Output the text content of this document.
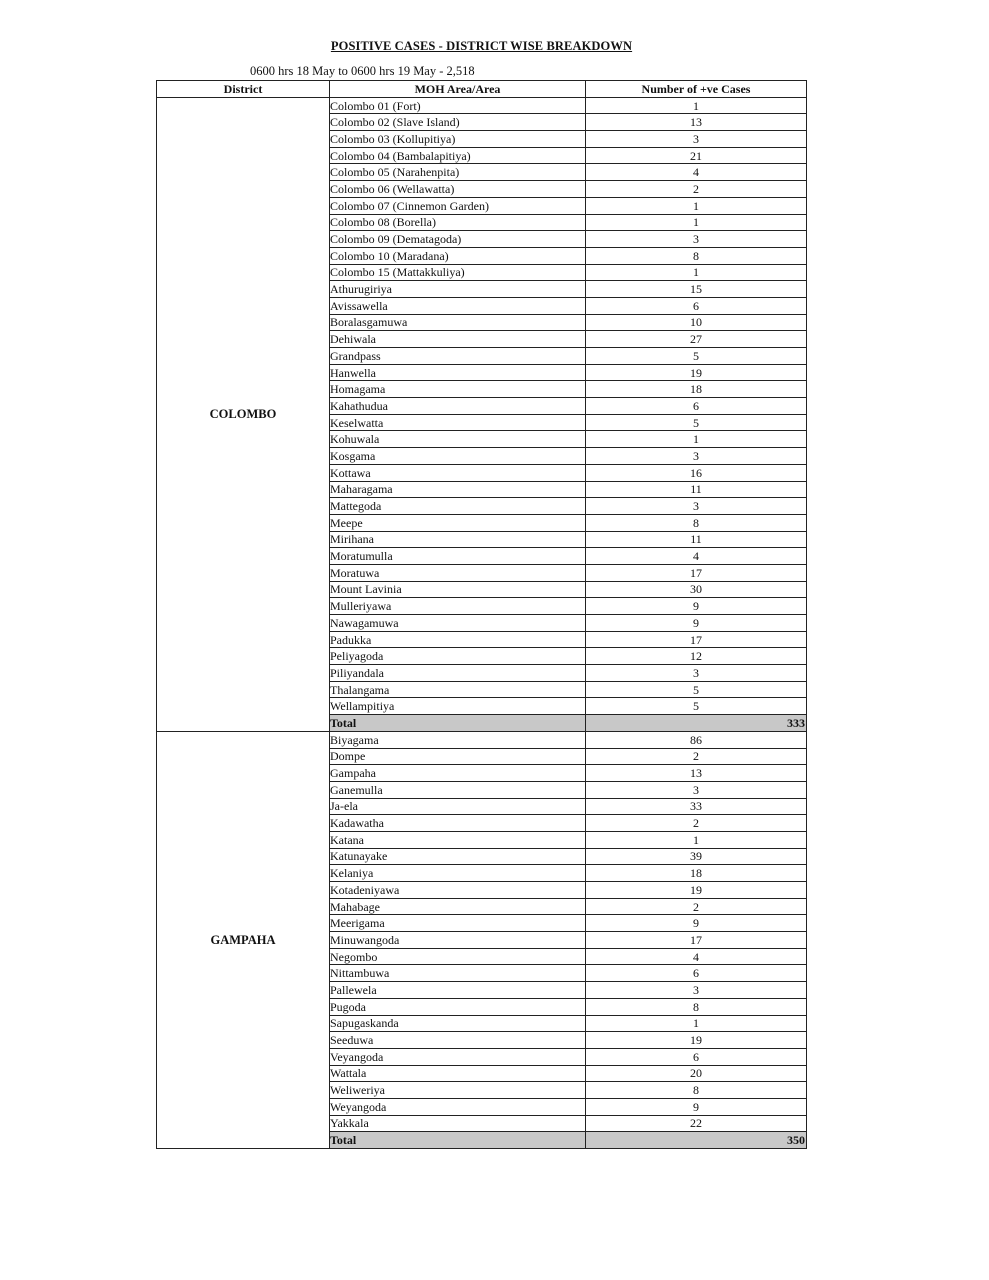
POSITIVE CASES - DISTRICT WISE BREAKDOWN
0600 hrs 18 May to 0600 hrs 19 May - 2,518
District	MOH Area/Area	Number of +ve Cases
COLOMBO	Colombo 01 (Fort)	1
	Colombo 02 (Slave Island)	13
	Colombo 03 (Kollupitiya)	3
	Colombo 04 (Bambalapitiya)	21
	Colombo 05 (Narahenpita)	4
	Colombo 06 (Wellawatta)	2
	Colombo 07 (Cinnemon Garden)	1
	Colombo 08 (Borella)	1
	Colombo 09 (Dematagoda)	3
	Colombo 10 (Maradana)	8
	Colombo 15 (Mattakkuliya)	1
	Athurugiriya	15
	Avissawella	6
	Boralasgamuwa	10
	Dehiwala	27
	Grandpass	5
	Hanwella	19
	Homagama	18
	Kahathudua	6
	Keselwatta	5
	Kohuwala	1
	Kosgama	3
	Kottawa	16
	Maharagama	11
	Mattegoda	3
	Meepe	8
	Mirihana	11
	Moratumulla	4
	Moratuwa	17
	Mount Lavinia	30
	Mulleriyawa	9
	Nawagamuwa	9
	Padukka	17
	Peliyagoda	12
	Piliyandala	3
	Thalangama	5
	Wellampitiya	5
	Total	333
GAMPAHA	Biyagama	86
	Dompe	2
	Gampaha	13
	Ganemulla	3
	Ja-ela	33
	Kadawatha	2
	Katana	1
	Katunayake	39
	Kelaniya	18
	Kotadeniyawa	19
	Mahabage	2
	Meerigama	9
	Minuwangoda	17
	Negombo	4
	Nittambuwa	6
	Pallewela	3
	Pugoda	8
	Sapugaskanda	1
	Seeduwa	19
	Veyangoda	6
	Wattala	20
	Weliweriya	8
	Weyangoda	9
	Yakkala	22
	Total	350
